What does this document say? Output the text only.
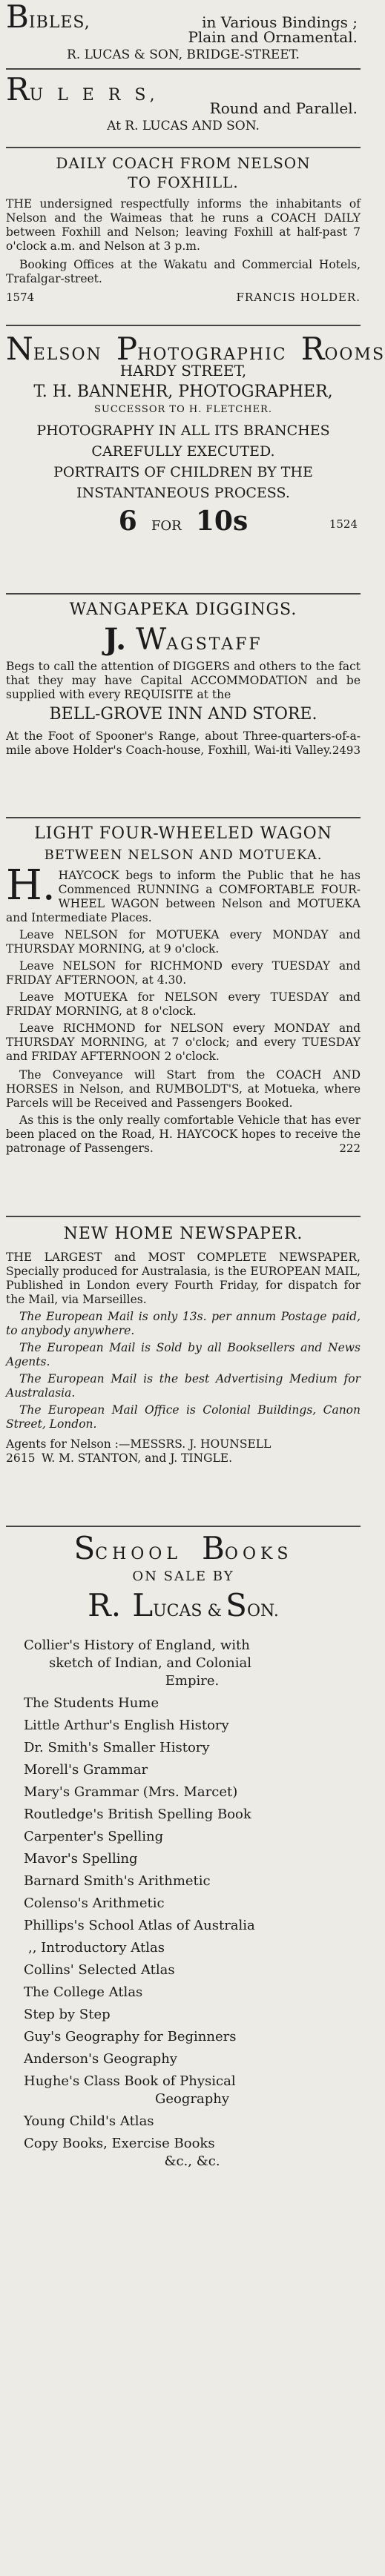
BIBLES,	in Various Bindings ;
Plain and Ornamental.
R. LUCAS & SON, BRIDGE-STREET.
RU L E R S,
Round and Parallel.
At R. LUCAS AND SON.
DAILY COACH FROM NELSON
TO FOXHILL.
THE undersigned respectfully informs the inhabitants of Nelson and the Waimeas that he runs a COACH DAILY between Foxhill and Nelson; leaving Foxhill at half-past 7 o'clock a.m. and Nelson at 3 p.m.
Booking Offices at the Wakatu and Commercial Hotels, Trafalgar-street.
1574	FRANCIS HOLDER.
NELSON PHOTOGRAPHIC ROOMS
HARDY STREET,
T. H. BANNEHR, PHOTOGRAPHER,
SUCCESSOR TO H. FLETCHER.
PHOTOGRAPHY IN ALL ITS BRANCHES
CAREFULLY EXECUTED.
PORTRAITS OF CHILDREN BY THE
INSTANTANEOUS PROCESS.
6 FOR 10s	1524
WANGAPEKA DIGGINGS.
J. WAGSTAFF
Begs to call the attention of DIGGERS and others to the fact that they may have Capital ACCOMMODATION and be supplied with every REQUISITE at the
BELL-GROVE INN AND STORE.
At the Foot of Spooner's Range, about Three-quarters-of-a-mile above Holder's Coach-house, Foxhill, Wai-iti Valley. 2493
LIGHT FOUR-WHEELED WAGON
BETWEEN NELSON AND MOTUEKA.
H. HAYCOCK begs to inform the Public that he has Commenced RUNNING a COMFORTABLE FOUR-WHEEL WAGON between Nelson and MOTUEKA and Intermediate Places.
Leave NELSON for MOTUEKA every MONDAY and THURSDAY MORNING, at 9 o'clock.
Leave NELSON for RICHMOND every TUESDAY and FRIDAY AFTERNOON, at 4.30.
Leave MOTUEKA for NELSON every TUESDAY and FRIDAY MORNING, at 8 o'clock.
Leave RICHMOND for NELSON every MONDAY and THURSDAY MORNING, at 7 o'clock; and every TUESDAY and FRIDAY AFTERNOON 2 o'clock.
The Conveyance will Start from the COACH AND HORSES in Nelson, and RUMBOLDT'S, at Motueka, where Parcels will be Received and Passengers Booked.
As this is the only really comfortable Vehicle that has ever been placed on the Road, H. HAYCOCK hopes to receive the patronage of Passengers.	222
NEW HOME NEWSPAPER.
THE LARGEST and MOST COMPLETE NEWSPAPER, Specially produced for Australasia, is the EUROPEAN MAIL, Published in London every Fourth Friday, for dispatch for the Mail, via Marseilles.
The European Mail is only 13s. per annum Postage paid, to anybody anywhere.
The European Mail is Sold by all Booksellers and News Agents.
The European Mail is the best Advertising Medium for Australasia.
The European Mail Office is Colonial Buildings, Canon Street, London.
Agents for Nelson :—MESSRS. J. HOUNSELL
2615 W. M. STANTON, and J. TINGLE.
SCHOOL BOOKS
ON SALE BY
R. LUCAS & SON.
Collier's History of England, with
sketch of Indian, and Colonial
Empire.
The Students Hume
Little Arthur's English History
Dr. Smith's Smaller History
Morell's Grammar
Mary's Grammar (Mrs. Marcet)
Routledge's British Spelling Book
Carpenter's Spelling
Mavor's Spelling
Barnard Smith's Arithmetic
Colenso's Arithmetic
Phillips's School Atlas of Australia
,, Introductory Atlas
Collins' Selected Atlas
The College Atlas
Step by Step
Guy's Geography for Beginners
Anderson's Geography
Hughe's Class Book of Physical
Geography
Young Child's Atlas
Copy Books, Exercise Books
&c., &c.
